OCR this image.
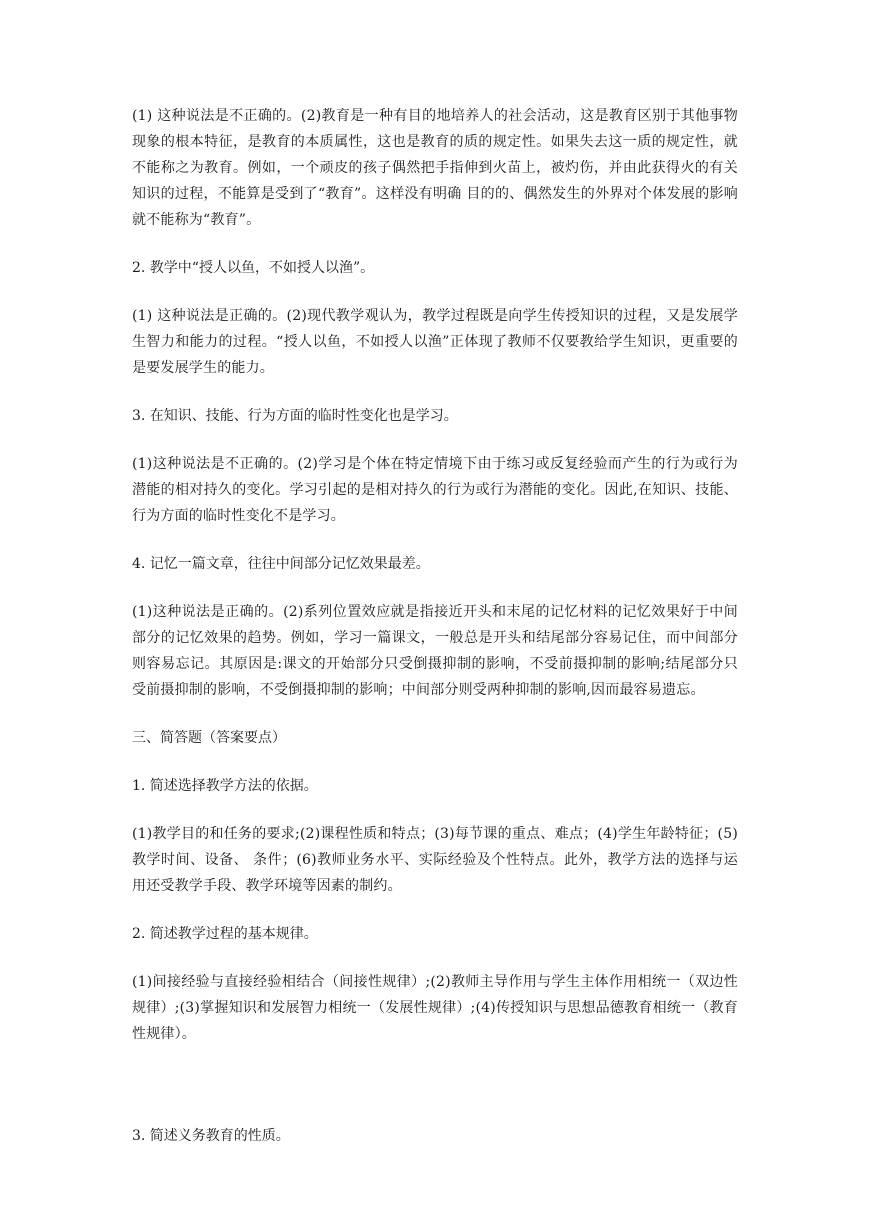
(1) 这种说法是不正确的。(2)教育是一种有目的地培养人的社会活动，这是教育区别于其他事物现象的根本特征，是教育的本质属性，这也是教育的质的规定性。如果失去这一质的规定性，就不能称之为教育。例如，一个顽皮的孩子偶然把手指伸到火苗上，被灼伤，并由此获得火的有关知识的过程，不能算是受到了“教育”。这样没有明确 目的的、偶然发生的外界对个体发展的影响就不能称为“教育”。

2. 教学中“授人以鱼，不如授人以渔”。

(1) 这种说法是正确的。(2)现代教学观认为，教学过程既是向学生传授知识的过程，又是发展学生智力和能力的过程。“授人以鱼，不如授人以渔”正体现了教师不仅要教给学生知识，更重要的是要发展学生的能力。

3. 在知识、技能、行为方面的临时性变化也是学习。

(1)这种说法是不正确的。(2)学习是个体在特定情境下由于练习或反复经验而产生的行为或行为潜能的相对持久的变化。学习引起的是相对持久的行为或行为潜能的变化。因此,在知识、技能、行为方面的临时性变化不是学习。

4. 记忆一篇文章，往往中间部分记忆效果最差。

(1)这种说法是正确的。(2)系列位置效应就是指接近开头和末尾的记忆材料的记忆效果好于中间部分的记忆效果的趋势。例如，学习一篇课文，一般总是开头和结尾部分容易记住，而中间部分则容易忘记。其原因是:课文的开始部分只受倒摄抑制的影响，不受前摄抑制的影响;结尾部分只受前摄抑制的影响，不受倒摄抑制的影响；中间部分则受两种抑制的影响,因而最容易遗忘。

三、简答题（答案要点）

1. 简述选择教学方法的依据。

(1)教学目的和任务的要求;(2)课程性质和特点；(3)每节课的重点、难点；(4)学生年龄特征；(5)教学时间、设备、 条件；(6)教师业务水平、实际经验及个性特点。此外，教学方法的选择与运用还受教学手段、教学环境等因素的制约。

2. 简述教学过程的基本规律。

(1)间接经验与直接经验相结合（间接性规律）;(2)教师主导作用与学生主体作用相统一（双边性规律）;(3)掌握知识和发展智力相统一（发展性规律）;(4)传授知识与思想品德教育相统一（教育性规律）。

3. 简述义务教育的性质。
